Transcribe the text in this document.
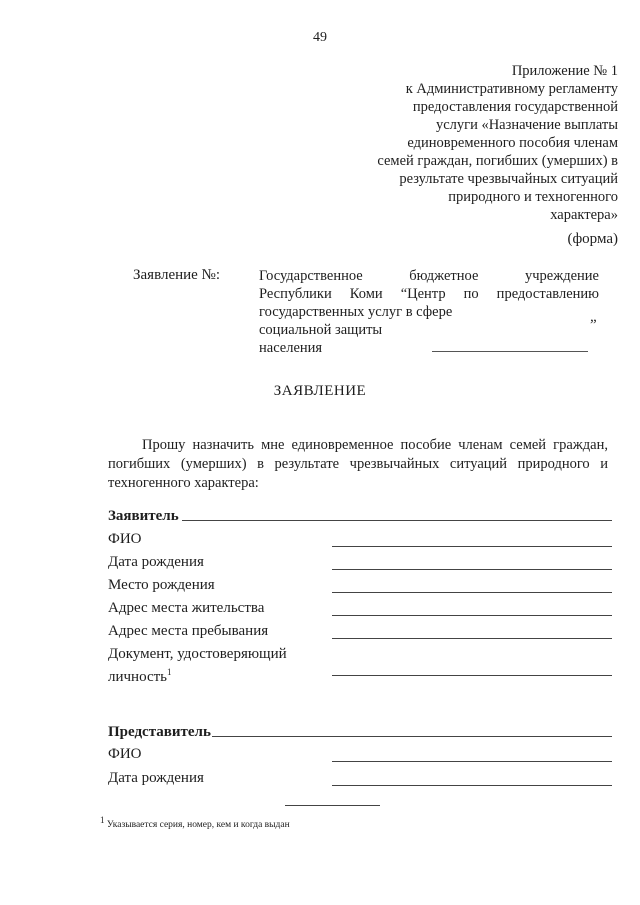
49
Приложение № 1
к Административному регламенту
предоставления государственной
услуги «Назначение выплаты
единовременного пособия членам
семей граждан, погибших (умерших) в
результате чрезвычайных ситуаций
природного и техногенного
характера»
(форма)
Заявление №:	Государственное бюджетное учреждение
Республики Коми “Центр по предоставлению
государственных услуг в сфере
социальной защиты
населения
”
ЗАЯВЛЕНИЕ
Прошу назначить мне единовременное пособие членам семей граждан,
погибших (умерших) в результате чрезвычайных ситуаций природного и
техногенного характера:
Заявитель
ФИО
Дата рождения
Место рождения
Адрес места жительства
Адрес места пребывания
Документ, удостоверяющий
личность$^1$
Представитель
ФИО
Дата рождения
$^1$ Указывается серия, номер, кем и когда выдан
